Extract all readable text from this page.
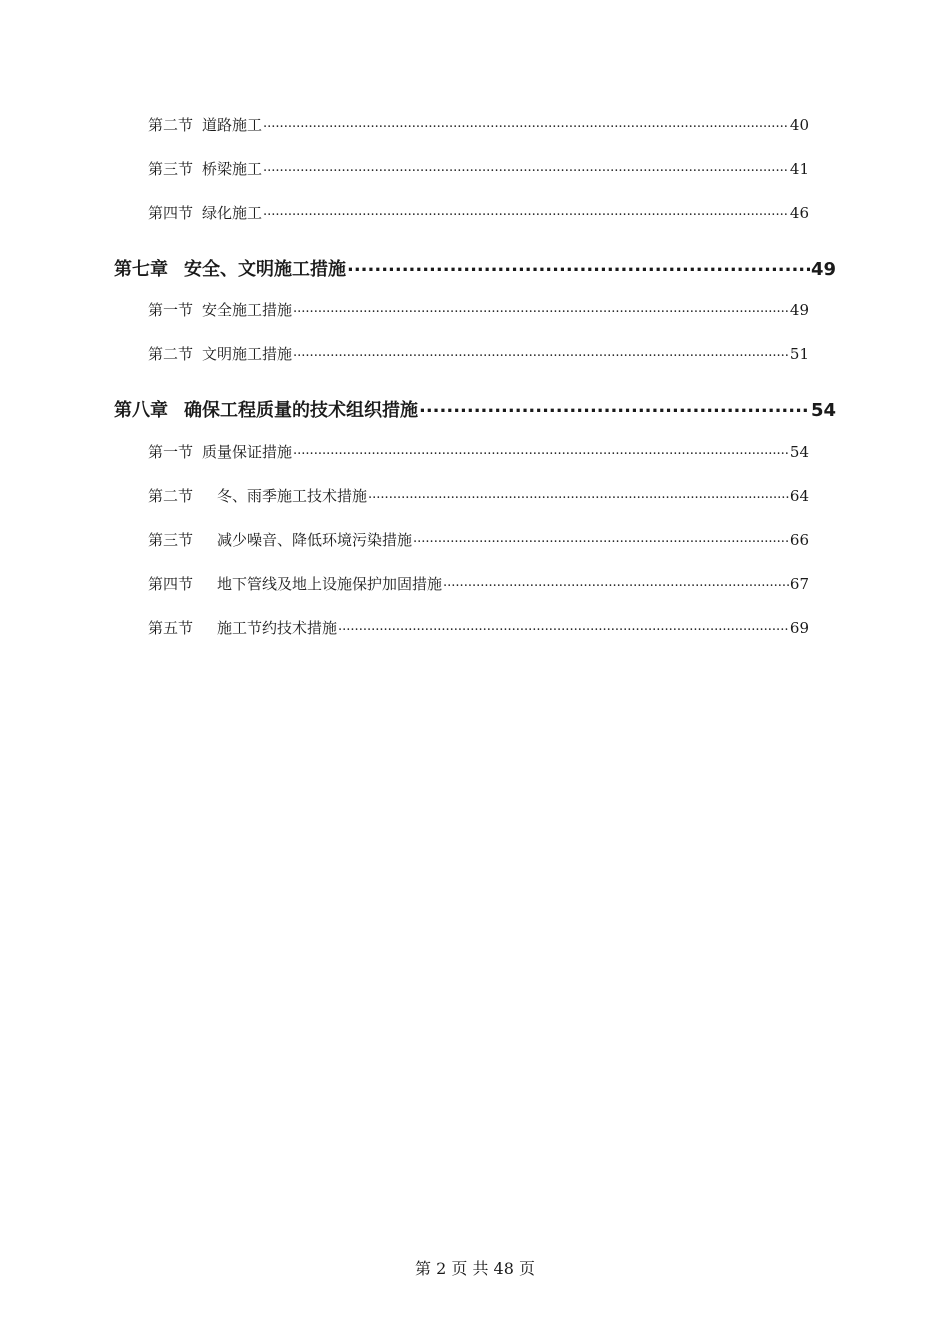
第二节 道路施工 .....	40
第三节 桥梁施工 .....	41
第四节 绿化施工 .....	46
第七章 安全、文明施工措施 .....	49
第一节 安全施工措施 .....	49
第二节 文明施工措施 .....	51
第八章 确保工程质量的技术组织措施 .....	54
第一节 质量保证措施 .....	54
第二节 　冬、雨季施工技术措施 .....	64
第三节 　减少噪音、降低环境污染措施 .....	66
第四节 　地下管线及地上设施保护加固措施 .....	67
第五节 　施工节约技术措施 .....	69
第 2 页 共 48 页
